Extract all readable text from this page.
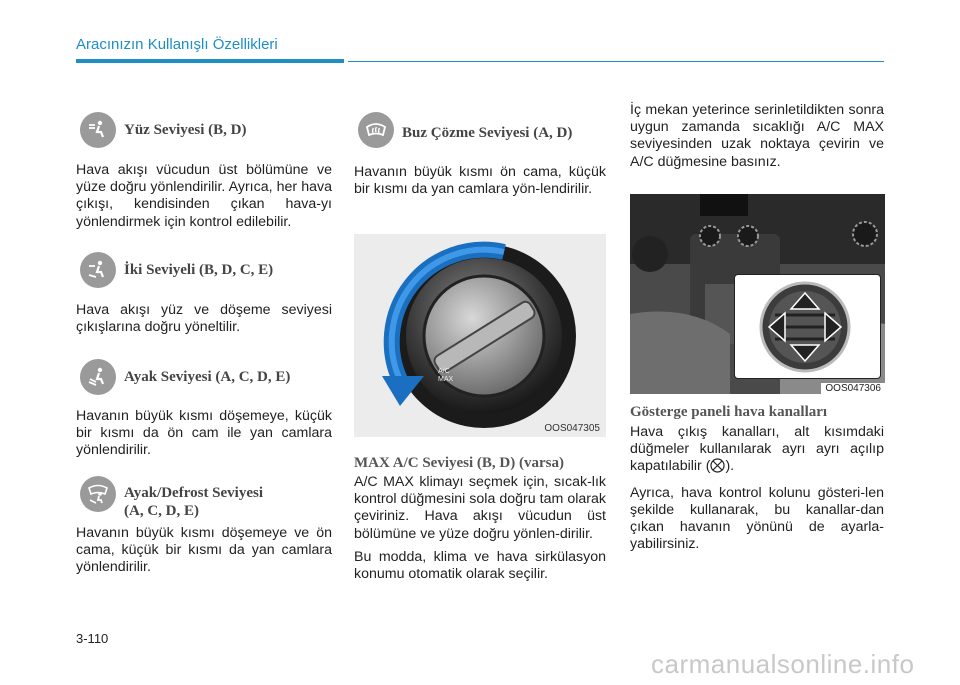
Aracınızın Kullanışlı Özellikleri
Yüz Seviyesi (B, D)
Hava akışı vücudun üst bölümüne ve yüze doğru yönlendirilir. Ayrıca, her hava çıkışı, kendisinden çıkan hava-yı yönlendirmek için kontrol edilebilir.
İki Seviyeli (B, D, C, E)
Hava akışı yüz ve döşeme seviyesi çıkışlarına doğru yöneltilir.
Ayak Seviyesi (A, C, D, E)
Havanın büyük kısmı döşemeye, küçük bir kısmı da ön cam ile yan camlara yönlendirilir.
Ayak/Defrost Seviyesi
(A, C, D, E)
Havanın büyük kısmı döşemeye ve ön cama, küçük bir kısmı da yan camlara yönlendirilir.
Buz Çözme Seviyesi (A, D)
Havanın büyük kısmı ön cama, küçük bir kısmı da yan camlara yön-lendirilir.
A/C
MAX
OOS047305
MAX A/C Seviyesi (B, D) (varsa)

A/C MAX klimayı seçmek için, sıcak-lık kontrol düğmesini sola doğru tam olarak çeviriniz. Hava akışı vücudun üst bölümüne ve yüze doğru yönlen-dirilir.

Bu modda, klima ve hava sirkülasyon konumu otomatik olarak seçilir.

İç mekan yeterince serinletildikten sonra uygun zamanda sıcaklığı A/C MAX seviyesinden uzak noktaya çevirin ve A/C düğmesine basınız.
OOS047306
Gösterge paneli hava kanalları

Hava çıkış kanalları, alt kısımdaki düğmeler kullanılarak ayrı ayrı açılıp kapatılabilir ( ).

Ayrıca, hava kontrol kolunu gösteri-len şekilde kullanarak, bu kanallar-dan çıkan havanın yönünü de ayarla-yabilirsiniz.

3-110
carmanualsonline.info
